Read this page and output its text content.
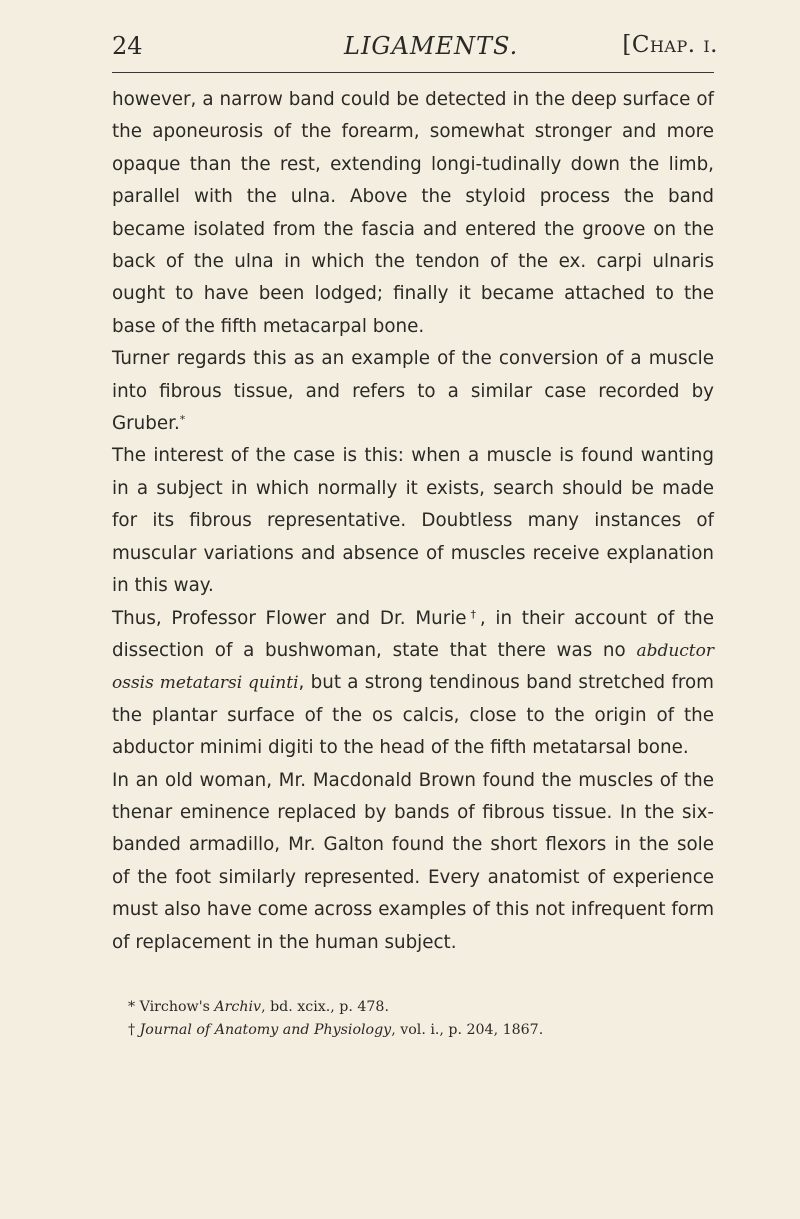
24	LIGAMENTS.	[Chap. i.

however, a narrow band could be detected in the deep surface of the aponeurosis of the forearm, somewhat stronger and more opaque than the rest, extending longi-tudinally down the limb, parallel with the ulna. Above the styloid process the band became isolated from the fascia and entered the groove on the back of the ulna in which the tendon of the ex. carpi ulnaris ought to have been lodged; finally it became attached to the base of the fifth metacarpal bone.

Turner regards this as an example of the conversion of a muscle into fibrous tissue, and refers to a similar case recorded by Gruber.*

The interest of the case is this: when a muscle is found wanting in a subject in which normally it exists, search should be made for its fibrous representative. Doubtless many instances of muscular variations and absence of muscles receive explanation in this way.

Thus, Professor Flower and Dr. Murie†, in their account of the dissection of a bushwoman, state that there was no abductor ossis metatarsi quinti, but a strong tendinous band stretched from the plantar surface of the os calcis, close to the origin of the abductor minimi digiti to the head of the fifth metatarsal bone.

In an old woman, Mr. Macdonald Brown found the muscles of the thenar eminence replaced by bands of fibrous tissue. In the six-banded armadillo, Mr. Galton found the short flexors in the sole of the foot similarly represented. Every anatomist of experience must also have come across examples of this not infrequent form of replacement in the human subject.

* Virchow's Archiv, bd. xcix., p. 478.

† Journal of Anatomy and Physiology, vol. i., p. 204, 1867.
